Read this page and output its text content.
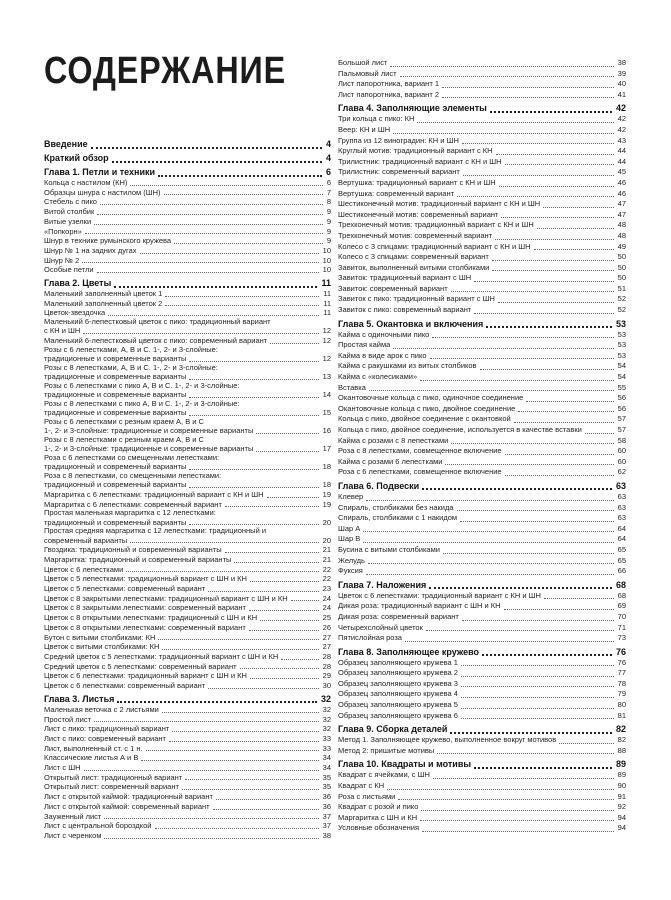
СОДЕРЖАНИЕ
Введение	4
Краткий обзор	4
Глава 1. Петли и техники	6
Кольца с настилом (КН)	6
Образцы шнура с настилом (ШН)	7
Стебель с пико	8
Витой столбик	9
Витые узелки	9
«Попкорн»	9
Шнур в технике румынского кружева	9
Шнур № 1 на задних дугах	10
Шнур № 2	10
Особые петли	10
Глава 2. Цветы	11
Маленький заполненный цветок 1	11
Маленький заполненный цветок 2	11
Цветок-звездочка	11
Маленький 6-лепестковый цветок с пико: традиционный вариант
с КН и ШН	12
Маленький 6-лепестковый цветок с пико: современный вариант	12
Розы с 6 лепестками, А, В и С. 1-, 2- и 3-слойные:
традиционные и современные варианты	12
Розы с 8 лепестками, А, В и С. 1-, 2- и 3-слойные:
традиционные и современные варианты	13
Розы с 6 лепестками с пико А, В и С. 1-, 2- и 3-слойные:
традиционные и современные варианты	14
Розы с 8 лепестками с пико А, В и С. 1-, 2- и 3-слойные:
традиционные и современные варианты	15
Розы с 6 лепестками с резным краем А, В и С
1-, 2- и 3-слойные: традиционные и современные варианты	16
Розы с 8 лепестками с резным краем А, В и С
1-, 2- и 3-слойные: традиционные и современные варианты	17
Роза с 6 лепестками со смещенными лепестками:
традиционный и современный варианты	18
Роза с 8 лепестками, со смещенными лепестками:
традиционный и современный варианты	18
Маргаритка с 6 лепестками: традиционный вариант с КН и ШН	19
Маргаритка с 6 лепестками: современный вариант	19
Простая маленькая маргаритка с 12 лепестками:
традиционный и современный варианты	20
Простая средняя маргаритка с 12 лепестками: традиционный и
современный варианты	20
Гвоздика: традиционный и современный варианты	21
Маргаритка: традиционный и современный варианты	21
Цветок с 6 лепестками	22
Цветок с 5 лепестками: традиционный вариант с ШН и КН	22
Цветок с 5 лепестками: современный вариант	23
Цветок с 8 закрытыми лепестками: традиционный вариант с ШН и КН	24
Цветок с 8 закрытыми лепестками: современный вариант	24
Цветок с 8 открытыми лепестками: традиционный с ШН и КН	25
Цветок с 8 открытыми лепестками: современный вариант	26
Бутон с витыми столбиками: КН	27
Цветок с витыми столбиками: КН	27
Средний цветок с 5 лепестками: традиционный вариант с ШН и КН	28
Средний цветок с 5 лепестками: современный вариант	28
Цветок с 6 лепестками: традиционный вариант с ШН и КН	29
Цветок с 6 лепестками: современный вариант	30
Глава 3. Листья	32
Маленькая веточка с 2 листьями	32
Простой лист	32
Лист с пико: традиционный вариант	32
Лист с пико: современный вариант	33
Лист, выполненный ст. с 1 н.	33
Классические листья А и В	34
Лист с ШН	34
Открытый лист: традиционный вариант	35
Открытый лист: современный вариант	35
Лист с открытой каймой: традиционный вариант	36
Лист с открытой каймой: современный вариант	36
Зауженный лист	37
Лист с центральной бороздкой	37
Лист с черенком	38
Большой лист	38
Пальмовый лист	39
Лист папоротника, вариант 1	40
Лист папоротника, вариант 2	41
Глава 4. Заполняющие элементы	42
Три кольца с пико: КН	42
Веер: КН и ШН	42
Группа из 12 виноградин: КН и ШН	43
Круглый мотив: традиционный вариант с КН	44
Трилистник: традиционный вариант с КН и ШН	44
Трилистник: современный вариант	45
Вертушка: традиционный вариант с КН и ШН	46
Вертушка: современный вариант	46
Шестиконечный мотив: традиционный вариант с КН и ШН	47
Шестиконечный мотив: современный вариант	47
Трехконечный мотив: традиционный вариант с КН и ШН	48
Трехконечный мотив: современный вариант	48
Колесо с 3 спицами: традиционный вариант с КН и ШН	49
Колесо с 3 спицами: современный вариант	50
Завиток, выполненный витыми столбиками	50
Завиток: традиционный вариант с ШН	50
Завиток: современный вариант	51
Завиток с пико: традиционный вариант с ШН	52
Завиток с пико: современный вариант	52
Глава 5. Окантовка и включения	53
Кайма с одиночными пико	53
Простая кайма	53
Кайма в виде арок с пико	53
Кайма с ракушками из витых столбиков	54
Кайма с «колесиками»	54
Вставка	55
Окантовочные кольца с пико, одиночное соединение	56
Окантовочные кольца с пико, двойное соединение	56
Кольца с пико, двойное соединение с окантовкой	57
Кольца с пико, двойное соединение, используется в качестве вставки	57
Кайма с розами с 8 лепестками	58
Роза с 8 лепестками, совмещенное включение	60
Кайма с розами 6 лепестками	60
Роза с 6 лепестками, совмещенное включение	62
Глава 6. Подвески	63
Клевер	63
Спираль, столбиками без накида	63
Спираль, столбиками с 1 накидом	63
Шар А	64
Шар В	64
Бусина с витыми столбиками	65
Желудь	65
Фуксия	66
Глава 7. Наложения	68
Цветок с 6 лепестками: традиционный вариант с КН и ШН	68
Дикая роза: традиционный вариант с ШН и КН	69
Дикая роза: современный вариант	70
Четырехслойный цветок	71
Пятислойная роза	73
Глава 8. Заполняющее кружево	76
Образец заполняющего кружева 1	76
Образец заполняющего кружева 2	77
Образец заполняющего кружева 3	78
Образец заполняющего кружева 4	79
Образец заполняющего кружева 5	80
Образец заполняющего кружева 6	81
Глава 9. Сборка деталей	82
Метод 1. Заполняющее кружево, выполненное вокруг мотивов	82
Метод 2: пришитые мотивы	88
Глава 10. Квадраты и мотивы	89
Квадрат с ячейками, с ШН	89
Квадрат с КН	90
Роза с листьями	91
Квадрат с розой и пико	92
Маргаритка с ШН и КН	94
Условные обозначения	94
